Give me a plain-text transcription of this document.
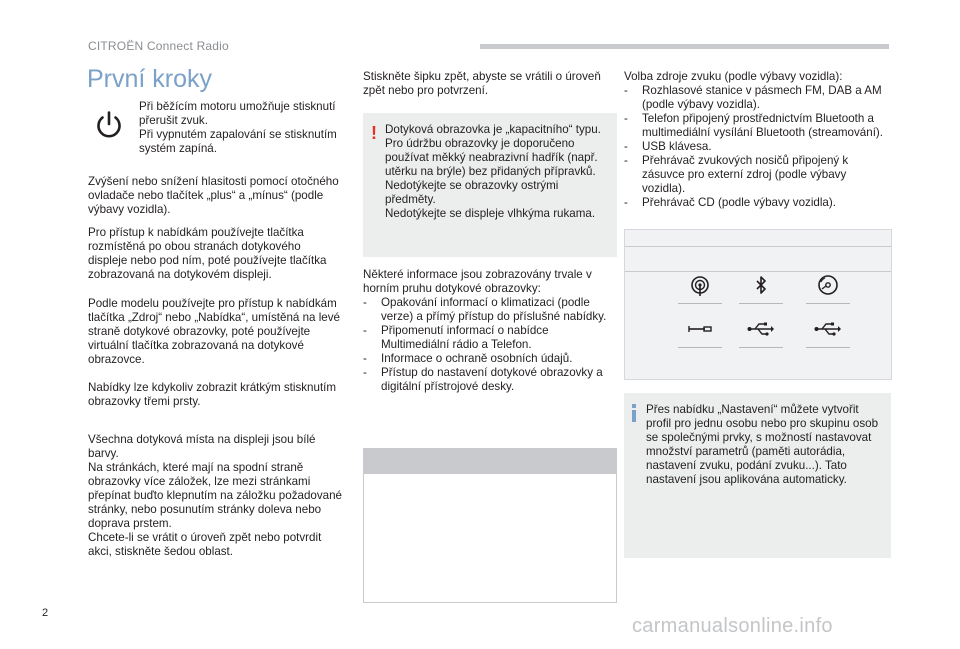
CITROËN Connect Radio
První kroky

Při běžícím motoru umožňuje stisknutí přerušit zvuk.

Při vypnutém zapalování se stisknutím systém zapíná.

Zvýšení nebo snížení hlasitosti pomocí otočného ovladače nebo tlačítek „plus“ a „mínus“ (podle výbavy vozidla).

Pro přístup k nabídkám používejte tlačítka rozmístěná po obou stranách dotykového displeje nebo pod ním, poté používejte tlačítka zobrazovaná na dotykovém displeji.

Podle modelu používejte pro přístup k nabídkám tlačítka „Zdroj“ nebo „Nabídka“, umístěná na levé straně dotykové obrazovky, poté používejte virtuální tlačítka zobrazovaná na dotykové obrazovce.

Nabídky lze kdykoliv zobrazit krátkým stisknutím obrazovky třemi prsty.

Všechna dotyková místa na displeji jsou bílé barvy.

Na stránkách, které mají na spodní straně obrazovky více záložek, lze mezi stránkami přepínat buďto klepnutím na záložku požadované stránky, nebo posunutím stránky doleva nebo doprava prstem.

Chcete-li se vrátit o úroveň zpět nebo potvrdit akci, stiskněte šedou oblast.

Stiskněte šipku zpět, abyste se vrátili o úroveň zpět nebo pro potvrzení.

! Dotyková obrazovka je „kapacitního“ typu.

Pro údržbu obrazovky je doporučeno používat měkký neabrazivní hadřík (např. utěrku na brýle) bez přidaných přípravků.

Nedotýkejte se obrazovky ostrými předměty.

Nedotýkejte se displeje vlhkýma rukama.

Některé informace jsou zobrazovány trvale v horním pruhu dotykové obrazovky:

- Opakování informací o klimatizaci (podle verze) a přímý přístup do příslušné nabídky.
- Připomenutí informací o nabídce Multimediální rádio a Telefon.
- Informace o ochraně osobních údajů.
- Přístup do nastavení dotykové obrazovky a digitální přístrojové desky.

Volba zdroje zvuku (podle výbavy vozidla):

- Rozhlasové stanice v pásmech FM, DAB a AM (podle výbavy vozidla).
- Telefon připojený prostřednictvím Bluetooth a multimediální vysílání Bluetooth (streamování).
- USB klávesa.
- Přehrávač zvukových nosičů připojený k zásuvce pro externí zdroj (podle výbavy vozidla).
- Přehrávač CD (podle výbavy vozidla).

Přes nabídku „Nastavení“ můžete vytvořit profil pro jednu osobu nebo pro skupinu osob se společnými prvky, s možností nastavovat množství parametrů (paměti autorádia, nastavení zvuku, podání zvuku...). Tato nastavení jsou aplikována automaticky.

2
carmanualsonline.info
